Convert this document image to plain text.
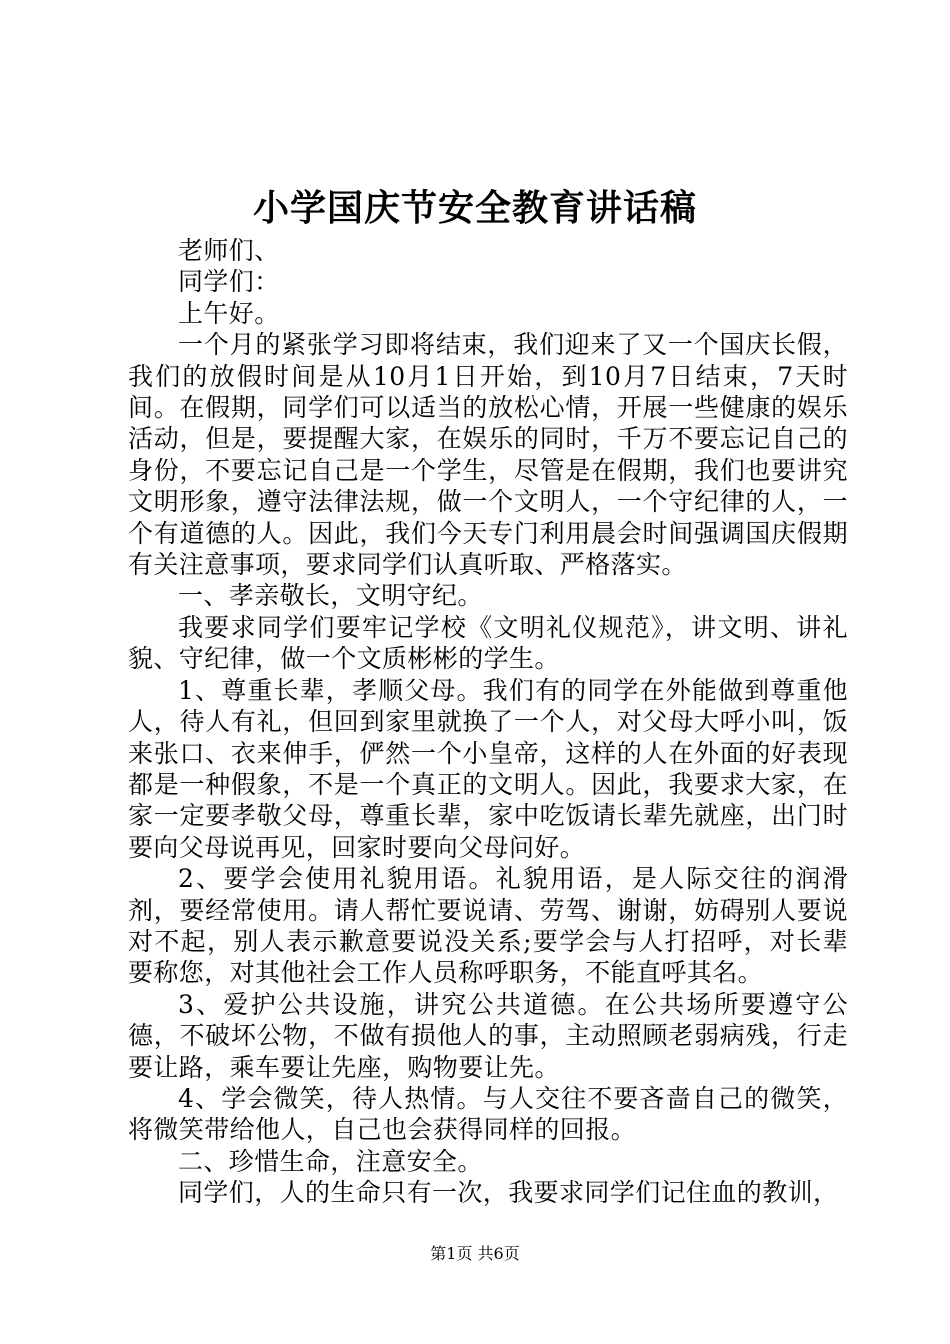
小学国庆节安全教育讲话稿

老师们、

同学们：

上午好。

一个月的紧张学习即将结束，我们迎来了又一个国庆长假，我们的放假时间是从10月1日开始，到10月7日结束，7天时间。在假期，同学们可以适当的放松心情，开展一些健康的娱乐活动，但是，要提醒大家，在娱乐的同时，千万不要忘记自己的身份，不要忘记自己是一个学生，尽管是在假期，我们也要讲究文明形象，遵守法律法规，做一个文明人，一个守纪律的人，一个有道德的人。因此，我们今天专门利用晨会时间强调国庆假期有关注意事项，要求同学们认真听取、严格落实。

一、孝亲敬长，文明守纪。

我要求同学们要牢记学校《文明礼仪规范》，讲文明、讲礼貌、守纪律，做一个文质彬彬的学生。

1、尊重长辈，孝顺父母。我们有的同学在外能做到尊重他人，待人有礼，但回到家里就换了一个人，对父母大呼小叫，饭来张口、衣来伸手，俨然一个小皇帝，这样的人在外面的好表现都是一种假象，不是一个真正的文明人。因此，我要求大家，在家一定要孝敬父母，尊重长辈，家中吃饭请长辈先就座，出门时要向父母说再见，回家时要向父母问好。

2、要学会使用礼貌用语。礼貌用语，是人际交往的润滑剂，要经常使用。请人帮忙要说请、劳驾、谢谢，妨碍别人要说对不起，别人表示歉意要说没关系;要学会与人打招呼，对长辈要称您，对其他社会工作人员称呼职务，不能直呼其名。

3、爱护公共设施，讲究公共道德。在公共场所要遵守公德，不破坏公物，不做有损他人的事，主动照顾老弱病残，行走要让路，乘车要让先座，购物要让先。

4、学会微笑，待人热情。与人交往不要吝啬自己的微笑，将微笑带给他人，自己也会获得同样的回报。

二、珍惜生命，注意安全。

同学们，人的生命只有一次，我要求同学们记住血的教训，

第1页 共6页
